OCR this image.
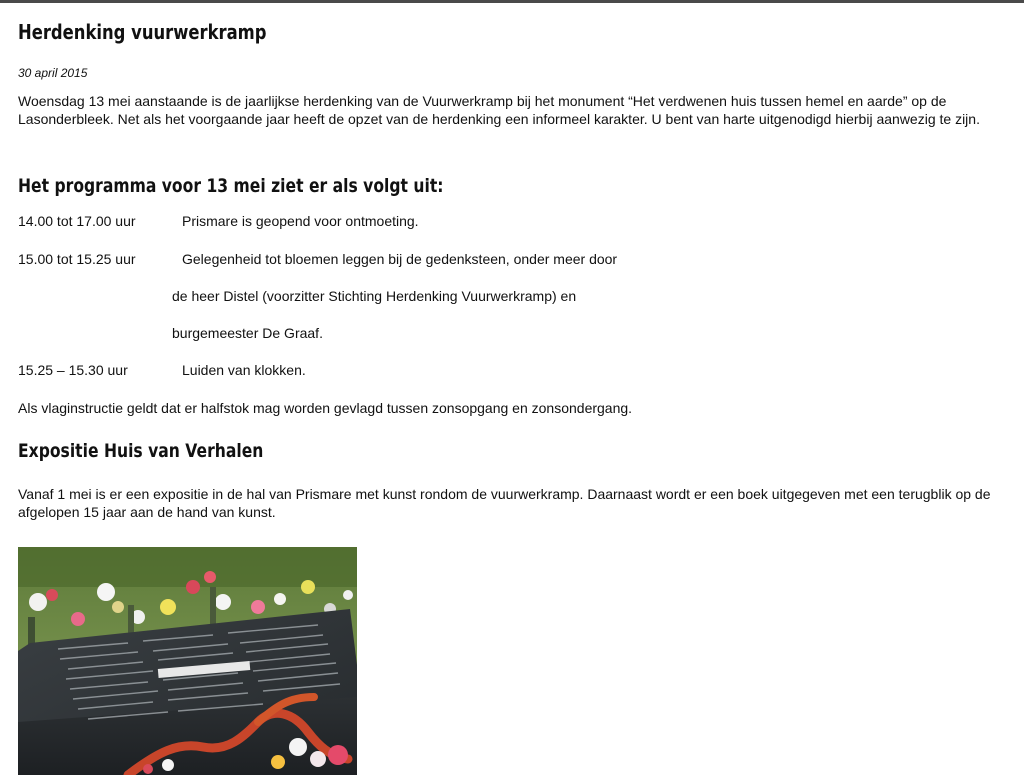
Herdenking vuurwerkramp
30 april 2015

Woensdag 13 mei aanstaande is de jaarlijkse herdenking van de Vuurwerkramp bij het monument “Het verdwenen huis tussen hemel en aarde” op de Lasonderbleek. Net als het voorgaande jaar heeft de opzet van de herdenking een informeel karakter. U bent van harte uitgenodigd hierbij aanwezig te zijn.

Het programma voor 13 mei ziet er als volgt uit:
14.00 tot 17.00 uur	Prismare is geopend voor ontmoeting.
15.00 tot 15.25 uur	Gelegenheid tot bloemen leggen bij de gedenksteen, onder meer door
de heer Distel (voorzitter Stichting Herdenking Vuurwerkramp) en
burgemeester De Graaf.
15.25 – 15.30 uur	Luiden van klokken.

Als vlaginstructie geldt dat er halfstok mag worden gevlagd tussen zonsopgang en zonsondergang.

Expositie Huis van Verhalen

Vanaf 1 mei is er een expositie in de hal van Prismare met kunst rondom de vuurwerkramp. Daarnaast wordt er een boek uitgegeven met een terugblik op de afgelopen 15 jaar aan de hand van kunst.
